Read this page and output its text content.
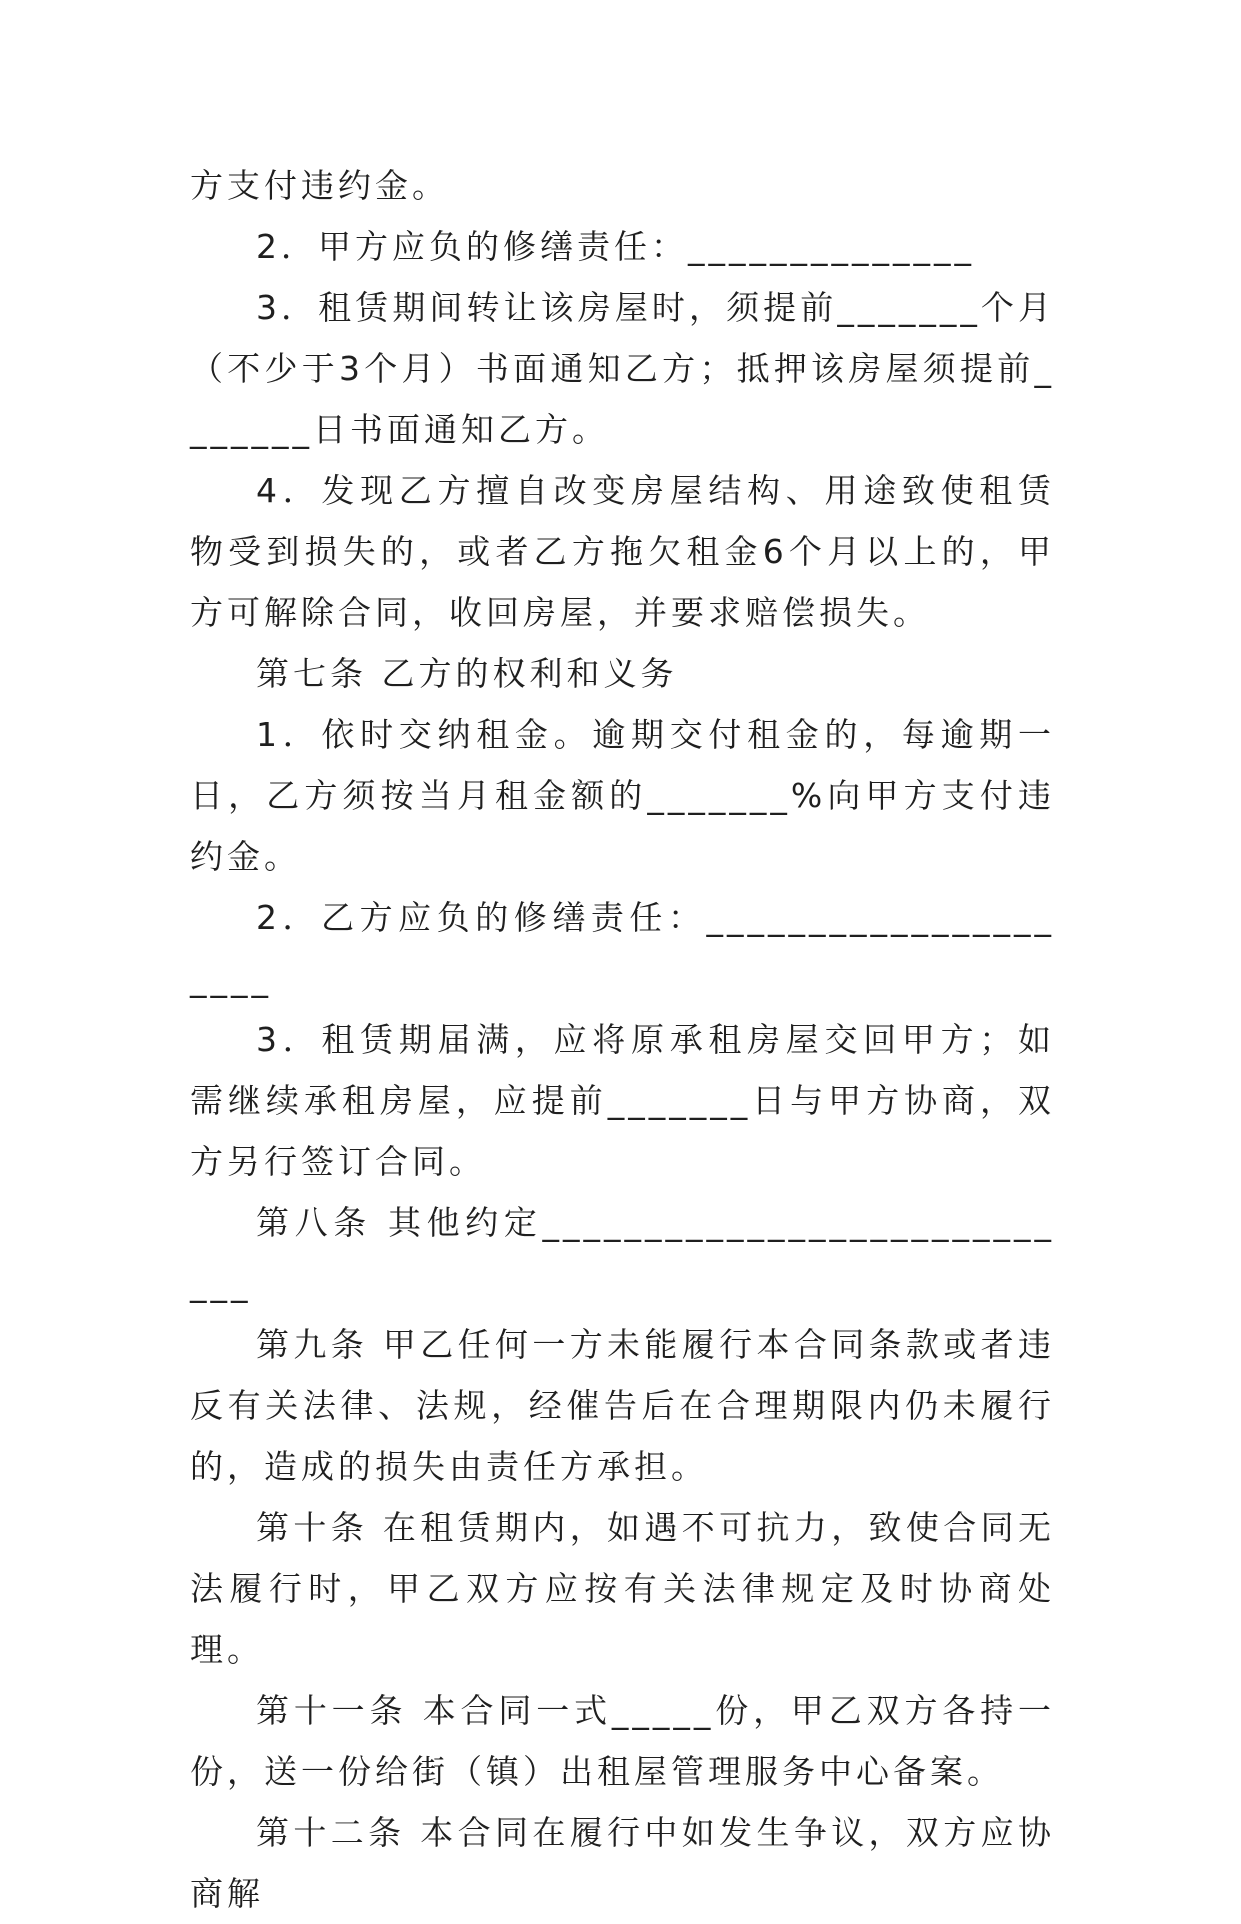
方支付违约金。

2．甲方应负的修缮责任：______________

3．租赁期间转让该房屋时，须提前_______个月（不少于3个月）书面通知乙方；抵押该房屋须提前_______日书面通知乙方。

4．发现乙方擅自改变房屋结构、用途致使租赁物受到损失的，或者乙方拖欠租金6个月以上的，甲方可解除合同，收回房屋，并要求赔偿损失。

第七条 乙方的权利和义务

1．依时交纳租金。逾期交付租金的，每逾期一日，乙方须按当月租金额的_______%向甲方支付违约金。

2．乙方应负的修缮责任：_____________________

3．租赁期届满，应将原承租房屋交回甲方；如需继续承租房屋，应提前_______日与甲方协商，双方另行签订合同。

第八条 其他约定____________________________

第九条 甲乙任何一方未能履行本合同条款或者违反有关法律、法规，经催告后在合理期限内仍未履行的，造成的损失由责任方承担。

第十条 在租赁期内，如遇不可抗力，致使合同无法履行时，甲乙双方应按有关法律规定及时协商处理。

第十一条 本合同一式_____份，甲乙双方各持一份，送一份给街（镇）出租屋管理服务中心备案。

第十二条 本合同在履行中如发生争议，双方应协商解
